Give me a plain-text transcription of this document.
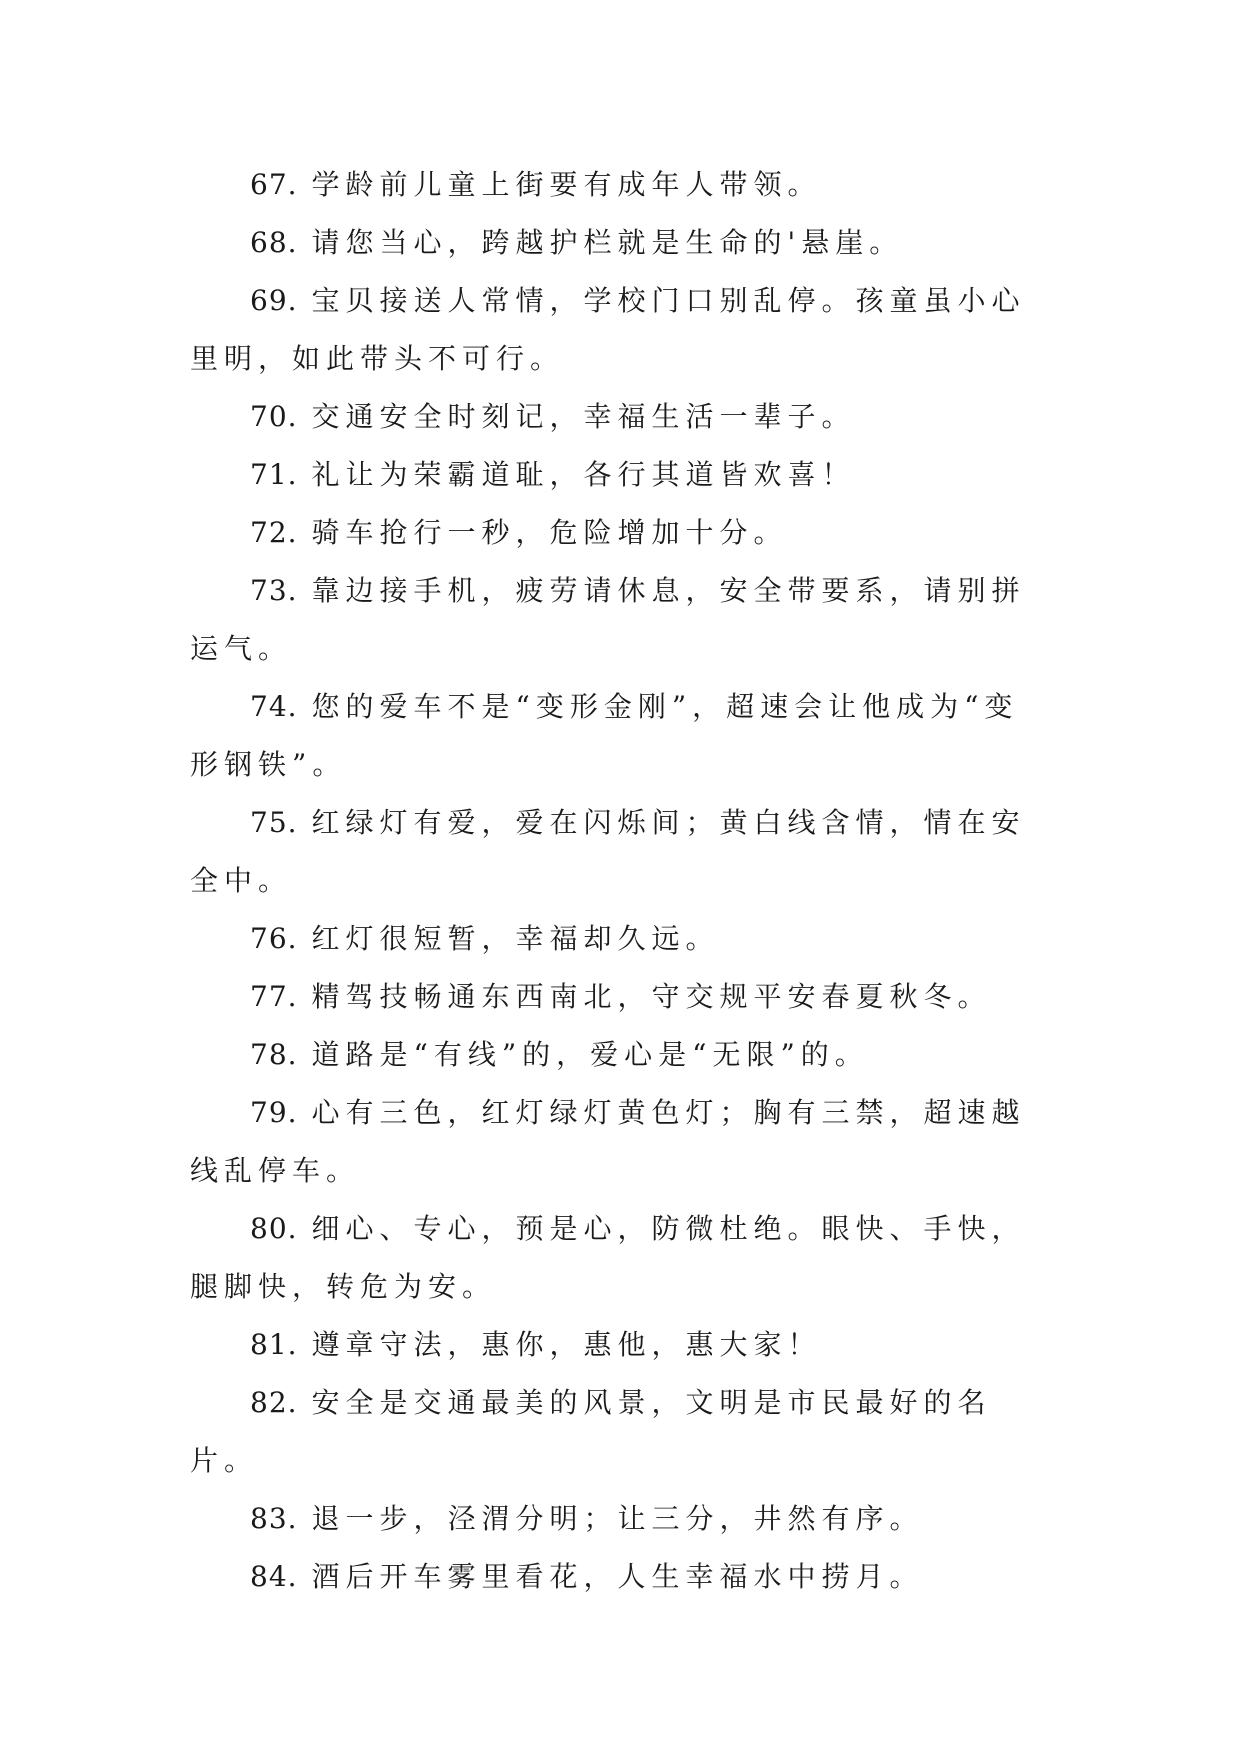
67. 学龄前儿童上街要有成年人带领。

68. 请您当心，跨越护栏就是生命的'悬崖。

69. 宝贝接送人常情，学校门口别乱停。孩童虽小心里明，如此带头不可行。

70. 交通安全时刻记，幸福生活一辈子。

71. 礼让为荣霸道耻，各行其道皆欢喜！

72. 骑车抢行一秒，危险增加十分。

73. 靠边接手机，疲劳请休息，安全带要系，请别拼运气。

74. 您的爱车不是“变形金刚”，超速会让他成为“变形钢铁”。

75. 红绿灯有爱，爱在闪烁间；黄白线含情，情在安全中。

76. 红灯很短暂，幸福却久远。

77. 精驾技畅通东西南北，守交规平安春夏秋冬。

78. 道路是“有线”的，爱心是“无限”的。

79. 心有三色，红灯绿灯黄色灯；胸有三禁，超速越线乱停车。

80. 细心、专心，预是心，防微杜绝。眼快、手快，腿脚快，转危为安。

81. 遵章守法，惠你，惠他，惠大家！

82. 安全是交通最美的风景，文明是市民最好的名片。

83. 退一步，泾渭分明；让三分，井然有序。

84. 酒后开车雾里看花，人生幸福水中捞月。
